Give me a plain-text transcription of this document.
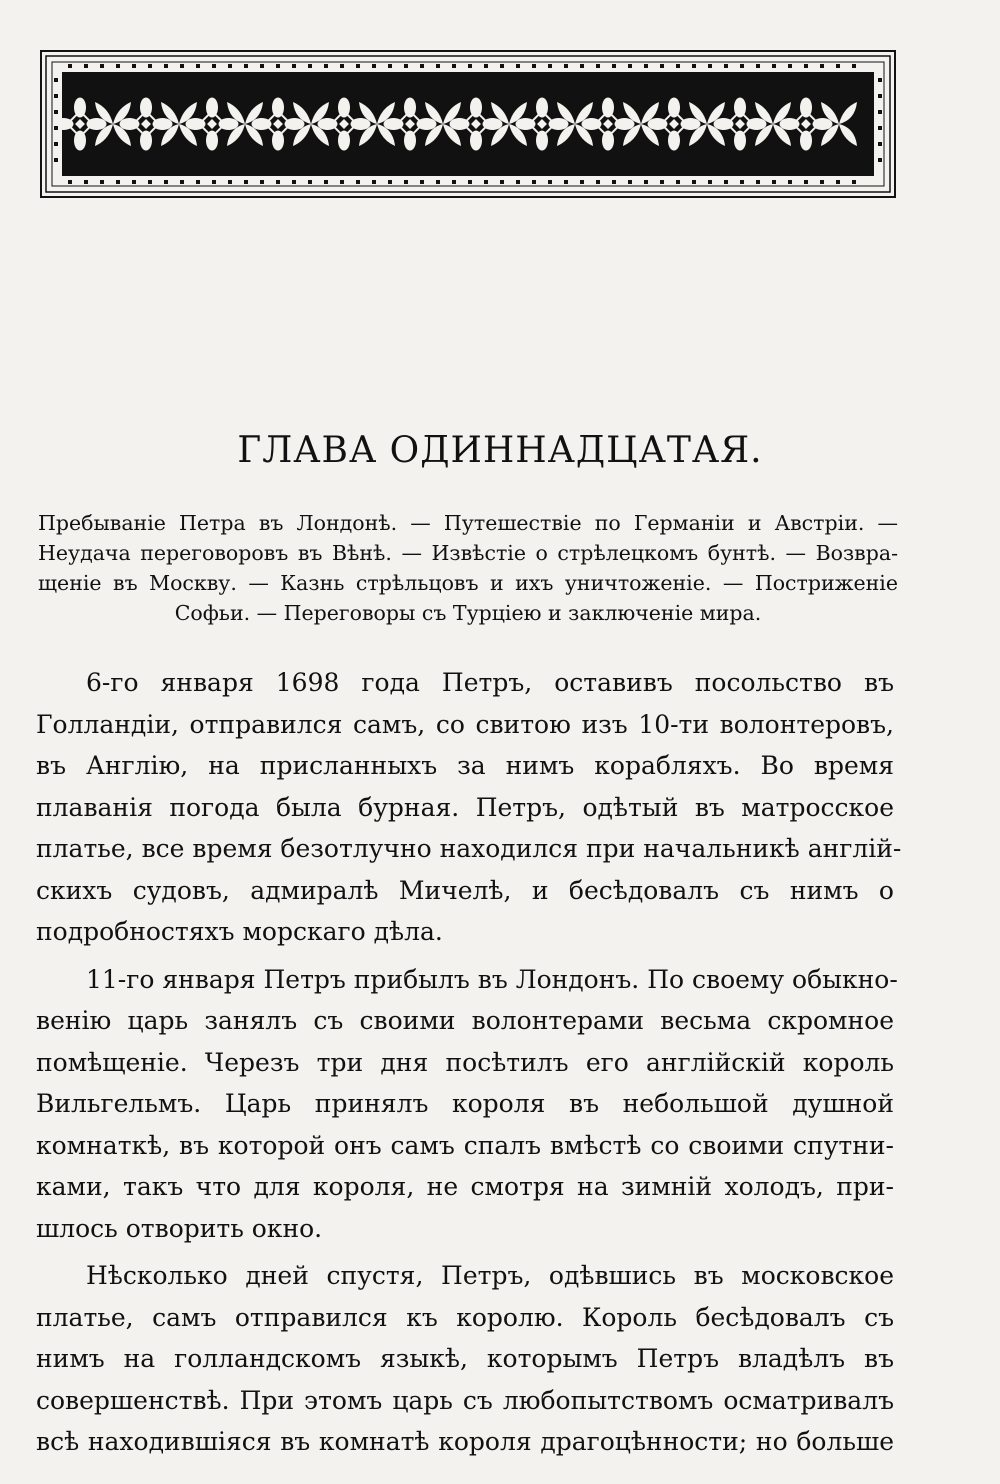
ГЛАВА ОДИННАДЦАТАЯ.
Пребываніе Петра въ Лондонѣ. — Путешествіе по Германіи и Австріи. —
Неудача переговоровъ въ Вѣнѣ. — Извѣстіе о стрѣлецкомъ бунтѣ. — Возвра-
щеніе въ Москву. — Казнь стрѣльцовъ и ихъ уничтоженіе. — Постриженіе
Софьи. — Переговоры съ Турціею и заключеніе мира.
6-го января 1698 года Петръ, оставивъ посольство въ
Голландіи, отправился самъ, со свитою изъ 10-ти волонтеровъ,
въ Англію, на присланныхъ за нимъ корабляхъ. Во время
плаванія погода была бурная. Петръ, одѣтый въ матросское
платье, все время безотлучно находился при начальникѣ англій-
скихъ судовъ, адмиралѣ Мичелѣ, и бесѣдовалъ съ нимъ о
подробностяхъ морскаго дѣла.
11-го января Петръ прибылъ въ Лондонъ. По своему обыкно-
венію царь занялъ съ своими волонтерами весьма скромное
помѣщеніе. Черезъ три дня посѣтилъ его англійскій король
Вильгельмъ. Царь принялъ короля въ небольшой душной
комнаткѣ, въ которой онъ самъ спалъ вмѣстѣ со своими спутни-
ками, такъ что для короля, не смотря на зимній холодъ, при-
шлось отворить окно.
Нѣсколько дней спустя, Петръ, одѣвшись въ московское
платье, самъ отправился къ королю. Король бесѣдовалъ съ
нимъ на голландскомъ языкѣ, которымъ Петръ владѣлъ въ
совершенствѣ. При этомъ царь съ любопытствомъ осматривалъ
всѣ находившіяся въ комнатѣ короля драгоцѣнности; но больше
